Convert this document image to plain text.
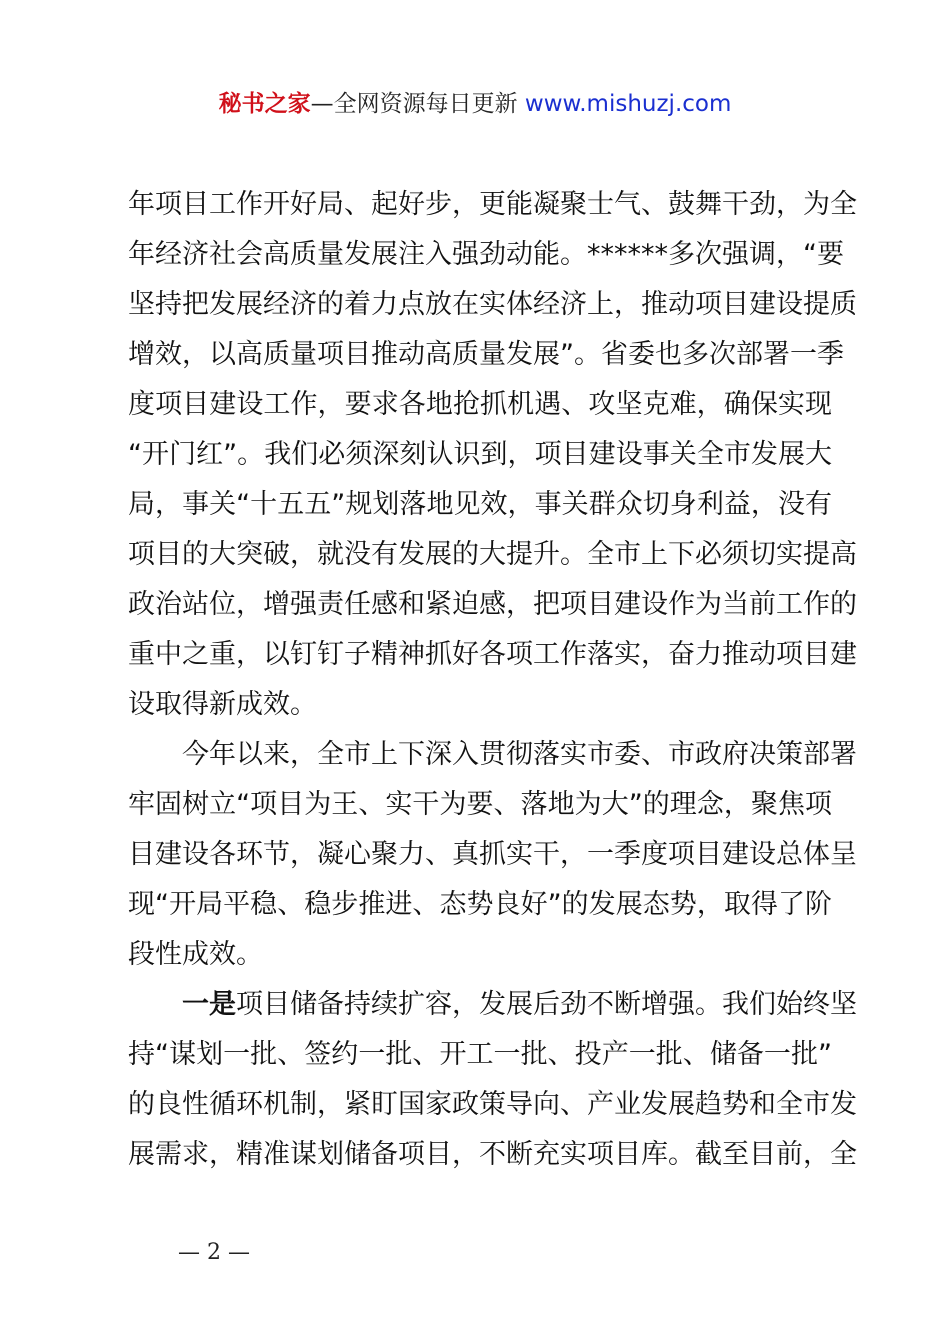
秘书之家—全网资源每日更新 www.mishuzj.com
年项目工作开好局、起好步，更能凝聚士气、鼓舞干劲，为全
年经济社会高质量发展注入强劲动能。******多次强调，“要
坚持把发展经济的着力点放在实体经济上，推动项目建设提质
增效，以高质量项目推动高质量发展”。省委也多次部署一季
度项目建设工作，要求各地抢抓机遇、攻坚克难，确保实现
“开门红”。我们必须深刻认识到，项目建设事关全市发展大
局，事关“十五五”规划落地见效，事关群众切身利益，没有
项目的大突破，就没有发展的大提升。全市上下必须切实提高
政治站位，增强责任感和紧迫感，把项目建设作为当前工作的
重中之重，以钉钉子精神抓好各项工作落实，奋力推动项目建
设取得新成效。
今年以来，全市上下深入贯彻落实市委、市政府决策部署
牢固树立“项目为王、实干为要、落地为大”的理念，聚焦项
目建设各环节，凝心聚力、真抓实干，一季度项目建设总体呈
现“开局平稳、稳步推进、态势良好”的发展态势，取得了阶
段性成效。
一是项目储备持续扩容，发展后劲不断增强。我们始终坚
持“谋划一批、签约一批、开工一批、投产一批、储备一批”
的良性循环机制，紧盯国家政策导向、产业发展趋势和全市发
展需求，精准谋划储备项目，不断充实项目库。截至目前，全
— 2 —
